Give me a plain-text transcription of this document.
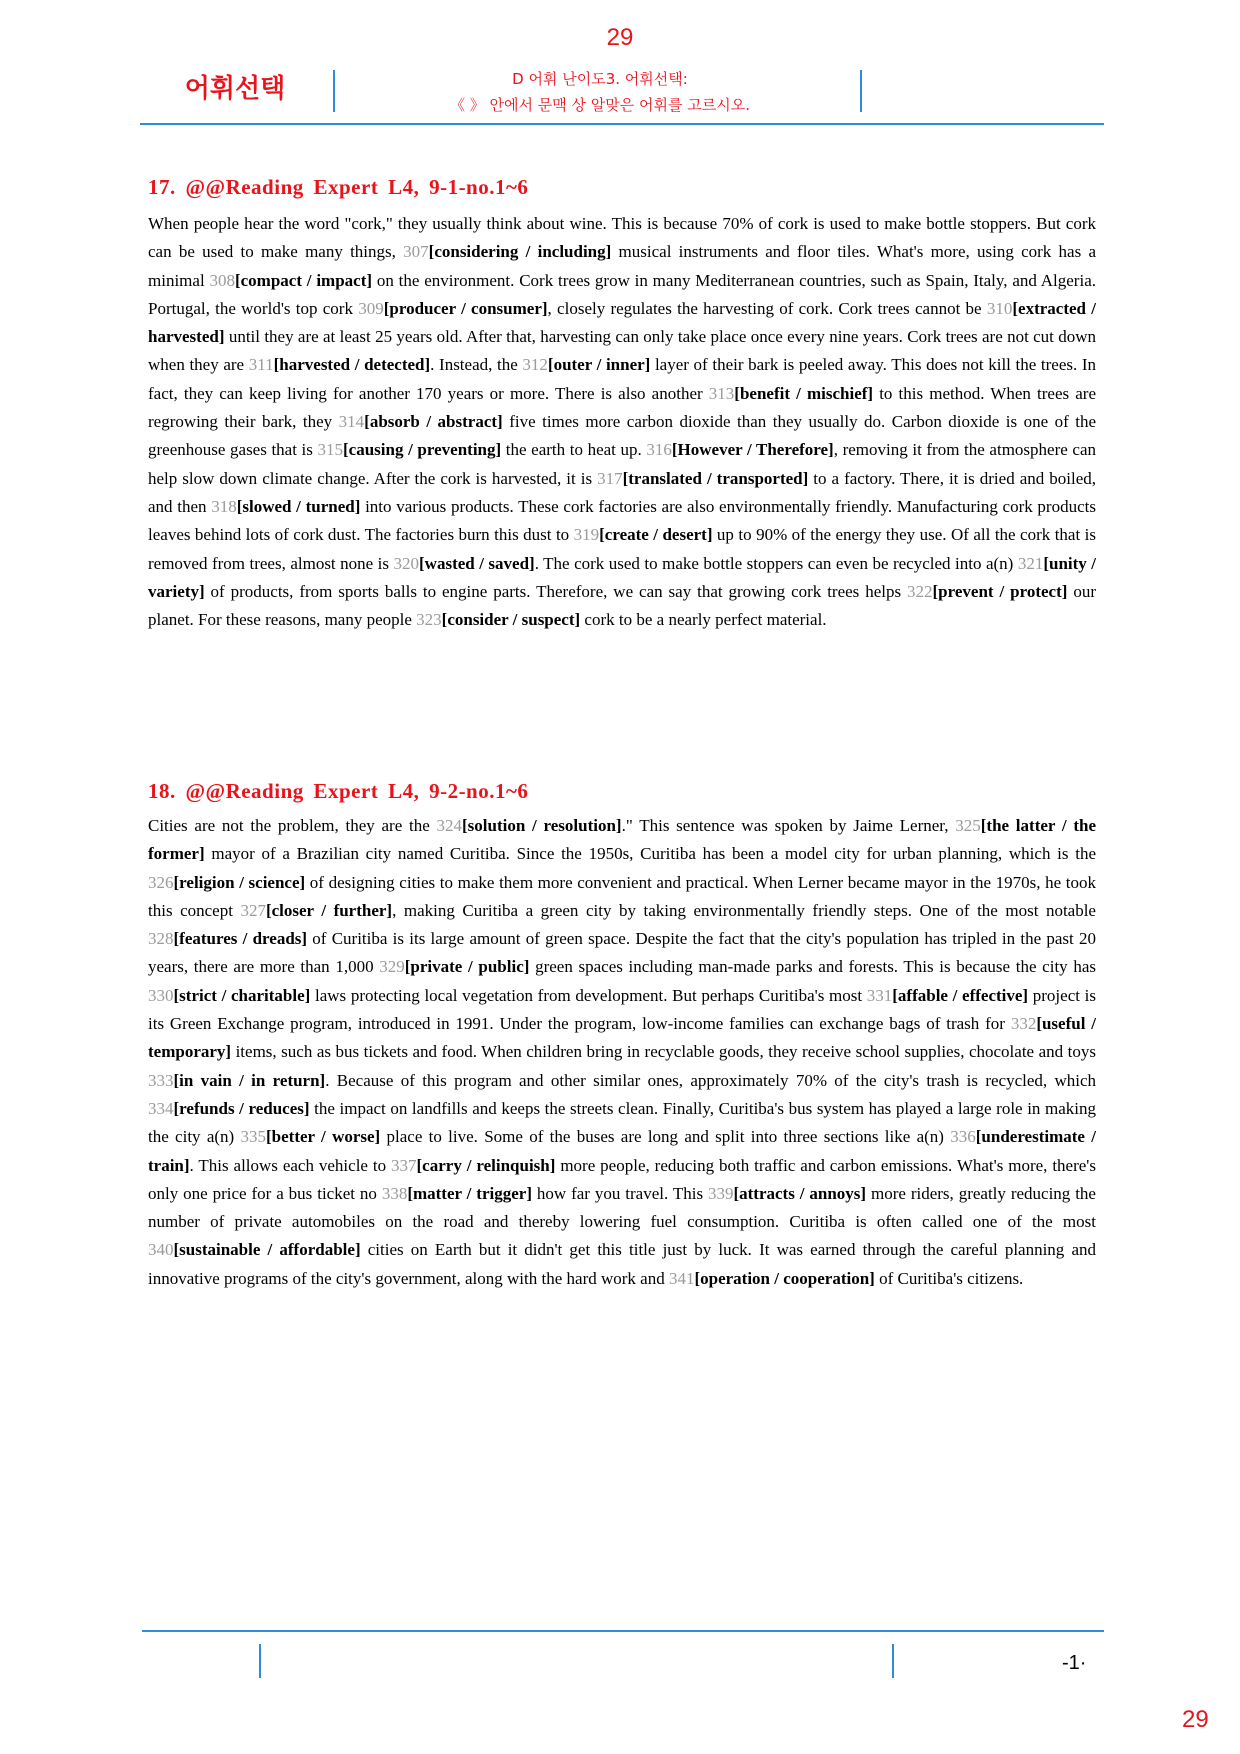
29
어휘선택	D 어휘 난이도3. 어휘선택:
《 》 안에서 문맥 상 알맞은 어휘를 고르시오.
17. @@Reading Expert L4, 9-1-no.1~6
When people hear the word "cork," they usually think about wine. This is because 70% of cork is used to make bottle stoppers. But cork can be used to make many things, 307[considering / including] musical instruments and floor tiles. What's more, using cork has a minimal 308[compact / impact] on the environment. Cork trees grow in many Mediterranean countries, such as Spain, Italy, and Algeria. Portugal, the world's top cork 309[producer / consumer], closely regulates the harvesting of cork. Cork trees cannot be 310[extracted / harvested] until they are at least 25 years old. After that, harvesting can only take place once every nine years. Cork trees are not cut down when they are 311[harvested / detected]. Instead, the 312[outer / inner] layer of their bark is peeled away. This does not kill the trees. In fact, they can keep living for another 170 years or more. There is also another 313[benefit / mischief] to this method. When trees are regrowing their bark, they 314[absorb / abstract] five times more carbon dioxide than they usually do. Carbon dioxide is one of the greenhouse gases that is 315[causing / preventing] the earth to heat up. 316[However / Therefore], removing it from the atmosphere can help slow down climate change. After the cork is harvested, it is 317[translated / transported] to a factory. There, it is dried and boiled, and then 318[slowed / turned] into various products. These cork factories are also environmentally friendly. Manufacturing cork products leaves behind lots of cork dust. The factories burn this dust to 319[create / desert] up to 90% of the energy they use. Of all the cork that is removed from trees, almost none is 320[wasted / saved]. The cork used to make bottle stoppers can even be recycled into a(n) 321[unity / variety] of products, from sports balls to engine parts. Therefore, we can say that growing cork trees helps 322[prevent / protect] our planet. For these reasons, many people 323[consider / suspect] cork to be a nearly perfect material.
18. @@Reading Expert L4, 9-2-no.1~6
Cities are not the problem, they are the 324[solution / resolution]." This sentence was spoken by Jaime Lerner, 325[the latter / the former] mayor of a Brazilian city named Curitiba. Since the 1950s, Curitiba has been a model city for urban planning, which is the 326[religion / science] of designing cities to make them more convenient and practical. When Lerner became mayor in the 1970s, he took this concept 327[closer / further], making Curitiba a green city by taking environmentally friendly steps. One of the most notable 328[features / dreads] of Curitiba is its large amount of green space. Despite the fact that the city's population has tripled in the past 20 years, there are more than 1,000 329[private / public] green spaces including man-made parks and forests. This is because the city has 330[strict / charitable] laws protecting local vegetation from development. But perhaps Curitiba's most 331[affable / effective] project is its Green Exchange program, introduced in 1991. Under the program, low-income families can exchange bags of trash for 332[useful / temporary] items, such as bus tickets and food. When children bring in recyclable goods, they receive school supplies, chocolate and toys 333[in vain / in return]. Because of this program and other similar ones, approximately 70% of the city's trash is recycled, which 334[refunds / reduces] the impact on landfills and keeps the streets clean. Finally, Curitiba's bus system has played a large role in making the city a(n) 335[better / worse] place to live. Some of the buses are long and split into three sections like a(n) 336[underestimate / train]. This allows each vehicle to 337[carry / relinquish] more people, reducing both traffic and carbon emissions. What's more, there's only one price for a bus ticket no 338[matter / trigger] how far you travel. This 339[attracts / annoys] more riders, greatly reducing the number of private automobiles on the road and thereby lowering fuel consumption. Curitiba is often called one of the most 340[sustainable / affordable] cities on Earth but it didn't get this title just by luck. It was earned through the careful planning and innovative programs of the city's government, along with the hard work and 341[operation / cooperation] of Curitiba's citizens.
-1·
29
